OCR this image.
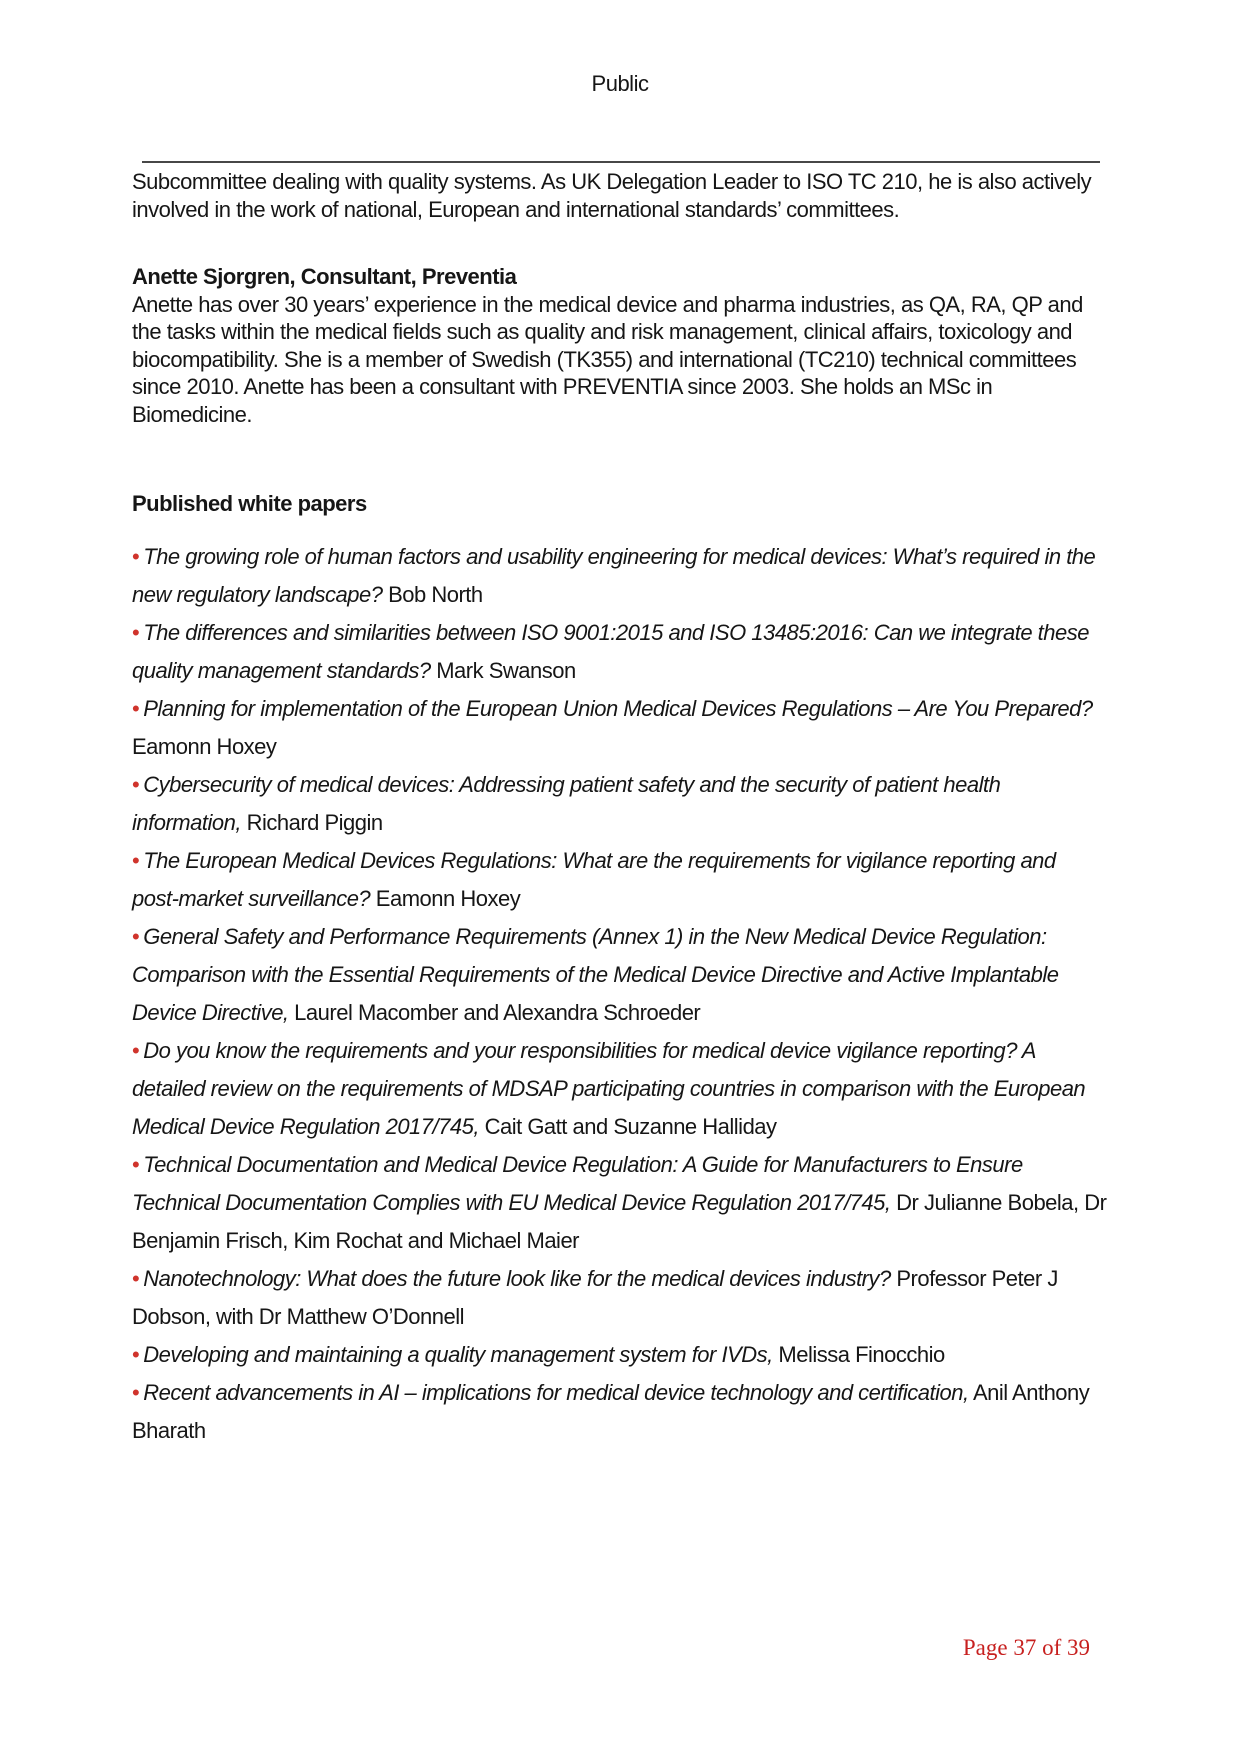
Public

Subcommittee dealing with quality systems. As UK Delegation Leader to ISO TC 210, he is also actively involved in the work of national, European and international standards’ committees.

Anette Sjorgren, Consultant, Preventia
Anette has over 30 years’ experience in the medical device and pharma industries, as QA, RA, QP and the tasks within the medical fields such as quality and risk management, clinical affairs, toxicology and biocompatibility. She is a member of Swedish (TK355) and international (TC210) technical committees since 2010. Anette has been a consultant with PREVENTIA since 2003. She holds an MSc in Biomedicine.

Published white papers

• The growing role of human factors and usability engineering for medical devices: What’s required in the new regulatory landscape? Bob North

• The differences and similarities between ISO 9001:2015 and ISO 13485:2016: Can we integrate these quality management standards? Mark Swanson

• Planning for implementation of the European Union Medical Devices Regulations – Are You Prepared? Eamonn Hoxey

• Cybersecurity of medical devices: Addressing patient safety and the security of patient health information, Richard Piggin

• The European Medical Devices Regulations: What are the requirements for vigilance reporting and post-market surveillance? Eamonn Hoxey

• General Safety and Performance Requirements (Annex 1) in the New Medical Device Regulation: Comparison with the Essential Requirements of the Medical Device Directive and Active Implantable Device Directive, Laurel Macomber and Alexandra Schroeder

• Do you know the requirements and your responsibilities for medical device vigilance reporting? A detailed review on the requirements of MDSAP participating countries in comparison with the European Medical Device Regulation 2017/745, Cait Gatt and Suzanne Halliday

• Technical Documentation and Medical Device Regulation: A Guide for Manufacturers to Ensure Technical Documentation Complies with EU Medical Device Regulation 2017/745, Dr Julianne Bobela, Dr Benjamin Frisch, Kim Rochat and Michael Maier

• Nanotechnology: What does the future look like for the medical devices industry? Professor Peter J Dobson, with Dr Matthew O’Donnell

• Developing and maintaining a quality management system for IVDs, Melissa Finocchio

• Recent advancements in AI – implications for medical device technology and certification, Anil Anthony Bharath

Page 37 of 39
